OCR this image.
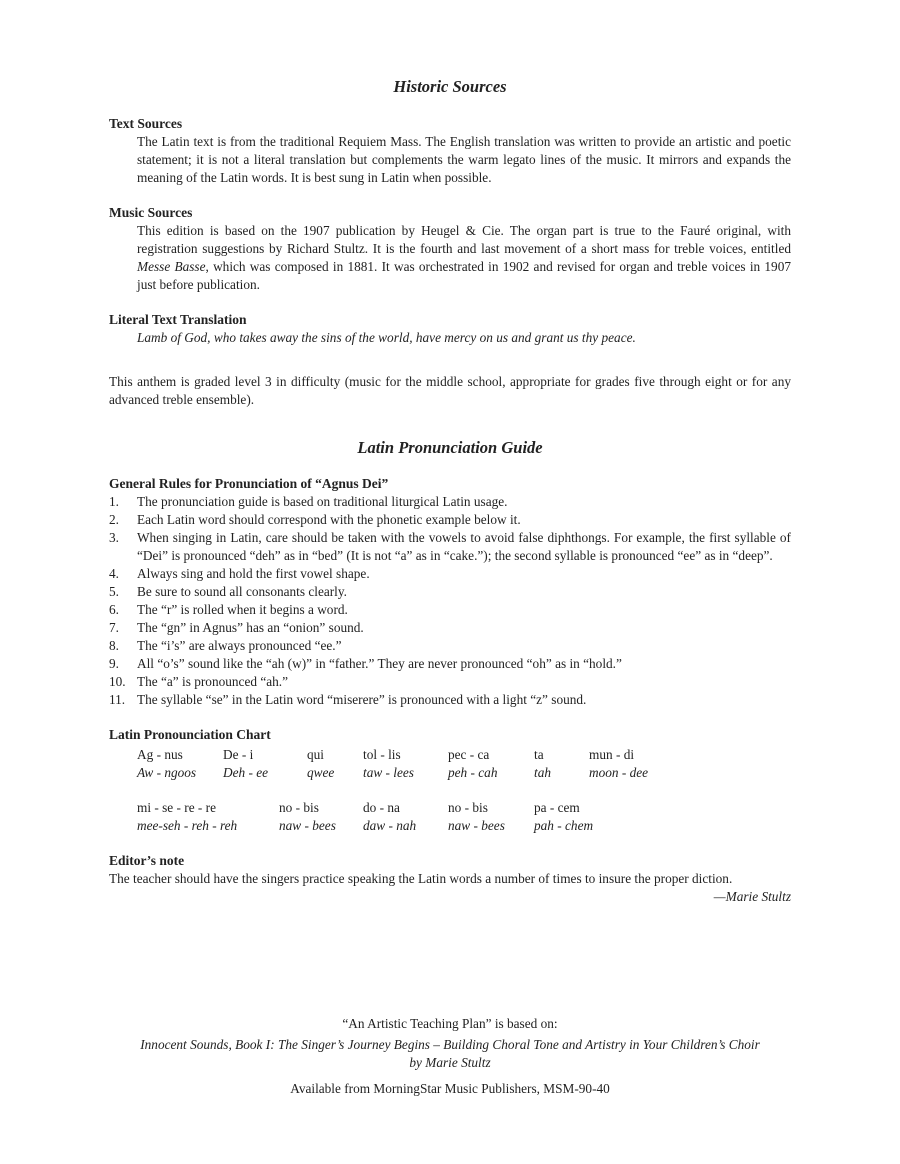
Historic Sources
Text Sources

The Latin text is from the traditional Requiem Mass. The English translation was written to provide an artistic and poetic statement; it is not a literal translation but complements the warm legato lines of the music. It mirrors and expands the meaning of the Latin words. It is best sung in Latin when possible.

Music Sources

This edition is based on the 1907 publication by Heugel & Cie. The organ part is true to the Fauré original, with registration suggestions by Richard Stultz. It is the fourth and last movement of a short mass for treble voices, entitled Messe Basse, which was composed in 1881. It was orchestrated in 1902 and revised for organ and treble voices in 1907 just before publication.

Literal Text Translation

Lamb of God, who takes away the sins of the world, have mercy on us and grant us thy peace.

This anthem is graded level 3 in difficulty (music for the middle school, appropriate for grades five through eight or for any advanced treble ensemble).

Latin Pronunciation Guide
General Rules for Pronunciation of “Agnus Dei”
1. The pronunciation guide is based on traditional liturgical Latin usage.
2. Each Latin word should correspond with the phonetic example below it.
3. When singing in Latin, care should be taken with the vowels to avoid false diphthongs. For example, the first syllable of “Dei” is pronounced “deh” as in “bed” (It is not “a” as in “cake.”); the second syllable is pronounced “ee” as in “deep”.
4. Always sing and hold the first vowel shape.
5. Be sure to sound all consonants clearly.
6. The “r” is rolled when it begins a word.
7. The “gn” in Agnus” has an “onion” sound.
8. The “i’s” are always pronounced “ee.”
9. All “o’s” sound like the “ah (w)” in “father.” They are never pronounced “oh” as in “hold.”
10. The “a” is pronounced “ah.”
11. The syllable “se” in the Latin word “miserere” is pronounced with a light “z” sound.
Latin Pronounciation Chart
Ag - nus	De - i	qui	tol - lis	pec - ca	ta	mun - di
Aw - ngoos	Deh - ee	qwee	taw - lees	peh - cah	tah	moon - dee
mi - se - re - re	no - bis	do - na	no - bis	pa - cem
mee-seh - reh - reh	naw - bees	daw - nah	naw - bees	pah - chem
Editor’s note

The teacher should have the singers practice speaking the Latin words a number of times to insure the proper diction.

—Marie Stultz

“An Artistic Teaching Plan” is based on:
Innocent Sounds, Book I: The Singer’s Journey Begins – Building Choral Tone and Artistry in Your Children’s Choir
by Marie Stultz
Available from MorningStar Music Publishers, MSM-90-40
